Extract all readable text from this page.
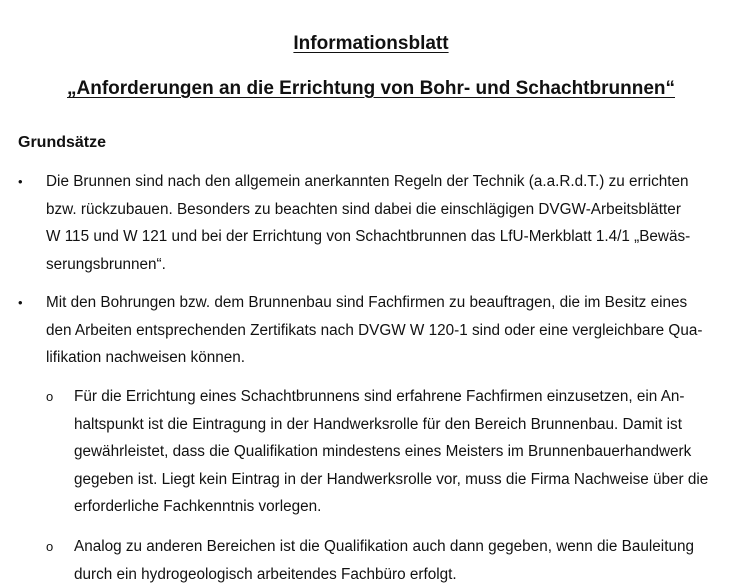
Informationsblatt
„Anforderungen an die Errichtung von Bohr- und Schachtbrunnen“
Grundsätze
•	Die Brunnen sind nach den allgemein anerkannten Regeln der Technik (a.a.R.d.T.) zu errichten
bzw. rückzubauen. Besonders zu beachten sind dabei die einschlägigen DVGW-Arbeitsblätter
W 115 und W 121 und bei der Errichtung von Schachtbrunnen das LfU-Merkblatt 1.4/1 „Bewäs-
serungsbrunnen“.
•	Mit den Bohrungen bzw. dem Brunnenbau sind Fachfirmen zu beauftragen, die im Besitz eines
den Arbeiten entsprechenden Zertifikats nach DVGW W 120-1 sind oder eine vergleichbare Qua-
lifikation nachweisen können.
o	Für die Errichtung eines Schachtbrunnens sind erfahrene Fachfirmen einzusetzen, ein An-
haltspunkt ist die Eintragung in der Handwerksrolle für den Bereich Brunnenbau. Damit ist
gewährleistet, dass die Qualifikation mindestens eines Meisters im Brunnenbauerhandwerk
gegeben ist. Liegt kein Eintrag in der Handwerksrolle vor, muss die Firma Nachweise über die
erforderliche Fachkenntnis vorlegen.
o	Analog zu anderen Bereichen ist die Qualifikation auch dann gegeben, wenn die Bauleitung
durch ein hydrogeologisch arbeitendes Fachbüro erfolgt.
